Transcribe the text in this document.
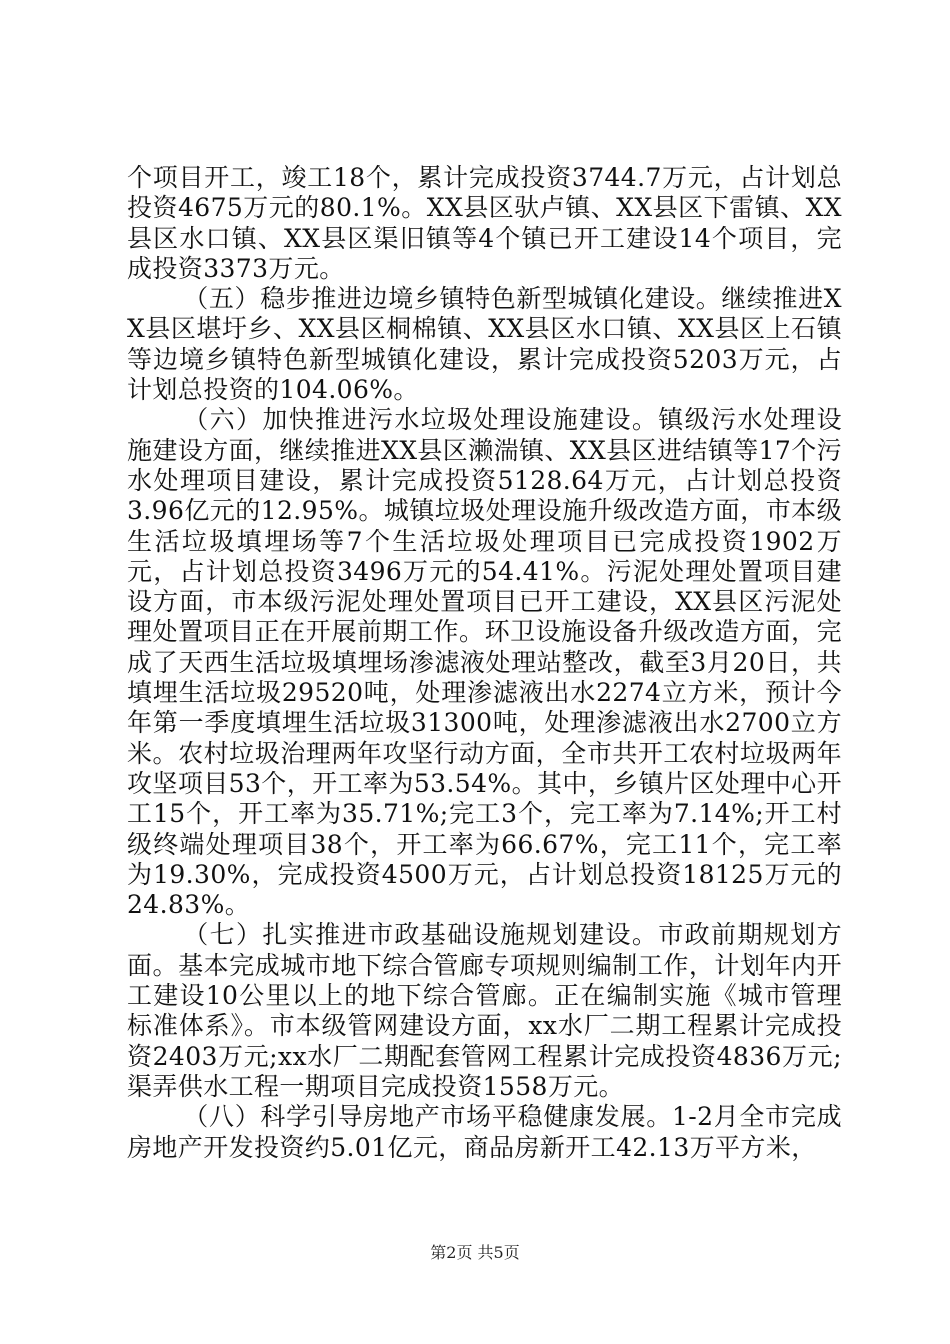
个项目开工，竣工18个，累计完成投资3744.7万元，占计划总投资4675万元的80.1%。XX县区驮卢镇、XX县区下雷镇、XX县区水口镇、XX县区渠旧镇等4个镇已开工建设14个项目，完成投资3373万元。

（五）稳步推进边境乡镇特色新型城镇化建设。继续推进XX县区堪圩乡、XX县区桐棉镇、XX县区水口镇、XX县区上石镇等边境乡镇特色新型城镇化建设，累计完成投资5203万元，占计划总投资的104.06%。

（六）加快推进污水垃圾处理设施建设。镇级污水处理设施建设方面，继续推进XX县区濑湍镇、XX县区进结镇等17个污水处理项目建设，累计完成投资5128.64万元，占计划总投资3.96亿元的12.95%。城镇垃圾处理设施升级改造方面，市本级生活垃圾填埋场等7个生活垃圾处理项目已完成投资1902万元，占计划总投资3496万元的54.41%。污泥处理处置项目建设方面，市本级污泥处理处置项目已开工建设，XX县区污泥处理处置项目正在开展前期工作。环卫设施设备升级改造方面，完成了天西生活垃圾填埋场渗滤液处理站整改，截至3月20日，共填埋生活垃圾29520吨，处理渗滤液出水2274立方米，预计今年第一季度填埋生活垃圾31300吨，处理渗滤液出水2700立方米。农村垃圾治理两年攻坚行动方面，全市共开工农村垃圾两年攻坚项目53个，开工率为53.54%。其中，乡镇片区处理中心开工15个，开工率为35.71%;完工3个，完工率为7.14%;开工村级终端处理项目38个，开工率为66.67%，完工11个，完工率为19.30%，完成投资4500万元，占计划总投资18125万元的24.83%。

（七）扎实推进市政基础设施规划建设。市政前期规划方面。基本完成城市地下综合管廊专项规则编制工作，计划年内开工建设10公里以上的地下综合管廊。正在编制实施《城市管理标准体系》。市本级管网建设方面，xx水厂二期工程累计完成投资2403万元;xx水厂二期配套管网工程累计完成投资4836万元;渠弄供水工程一期项目完成投资1558万元。

（八）科学引导房地产市场平稳健康发展。1-2月全市完成房地产开发投资约5.01亿元，商品房新开工42.13万平方米，

第2页 共5页
